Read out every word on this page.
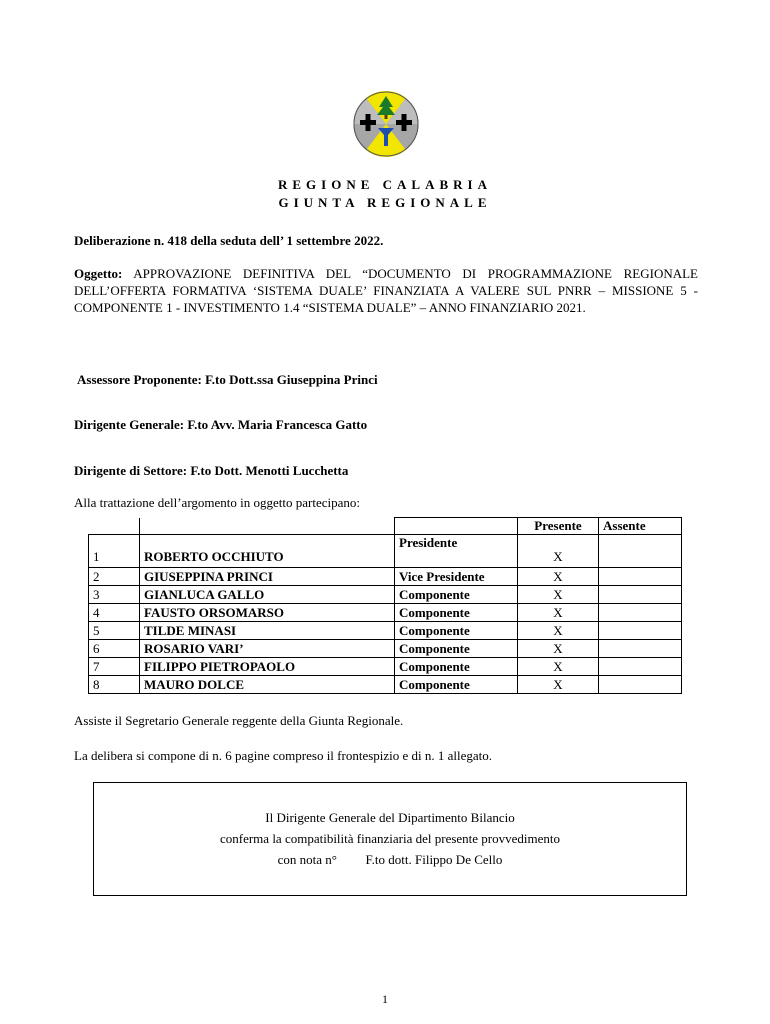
REGIONE CALABRIA
GIUNTA REGIONALE
Deliberazione n. 418 della seduta dell’ 1 settembre 2022.
Oggetto: APPROVAZIONE DEFINITIVA DEL “DOCUMENTO DI PROGRAMMAZIONE REGIONALE DELL’OFFERTA FORMATIVA ‘SISTEMA DUALE’ FINANZIATA A VALERE SUL PNRR – MISSIONE 5 - COMPONENTE 1 - INVESTIMENTO 1.4 “SISTEMA DUALE” – ANNO FINANZIARIO 2021.
Assessore Proponente: F.to Dott.ssa Giuseppina Princi
Dirigente Generale: F.to Avv. Maria Francesca Gatto
Dirigente di Settore: F.to Dott. Menotti Lucchetta
Alla trattazione dell’argomento in oggetto partecipano:
			Presente	Assente
1	ROBERTO OCCHIUTO	Presidente	X	
2	GIUSEPPINA PRINCI	Vice Presidente	X	
3	GIANLUCA GALLO	Componente	X	
4	FAUSTO ORSOMARSO	Componente	X	
5	TILDE MINASI	Componente	X	
6	ROSARIO VARI’	Componente	X	
7	FILIPPO PIETROPAOLO	Componente	X	
8	MAURO DOLCE	Componente	X	
Assiste il Segretario Generale reggente della Giunta Regionale.
La delibera si compone di n. 6 pagine compreso il frontespizio e di n. 1 allegato.
Il Dirigente Generale del Dipartimento Bilancio
conferma la compatibilità finanziaria del presente provvedimento
con nota n° F.to dott. Filippo De Cello
1
